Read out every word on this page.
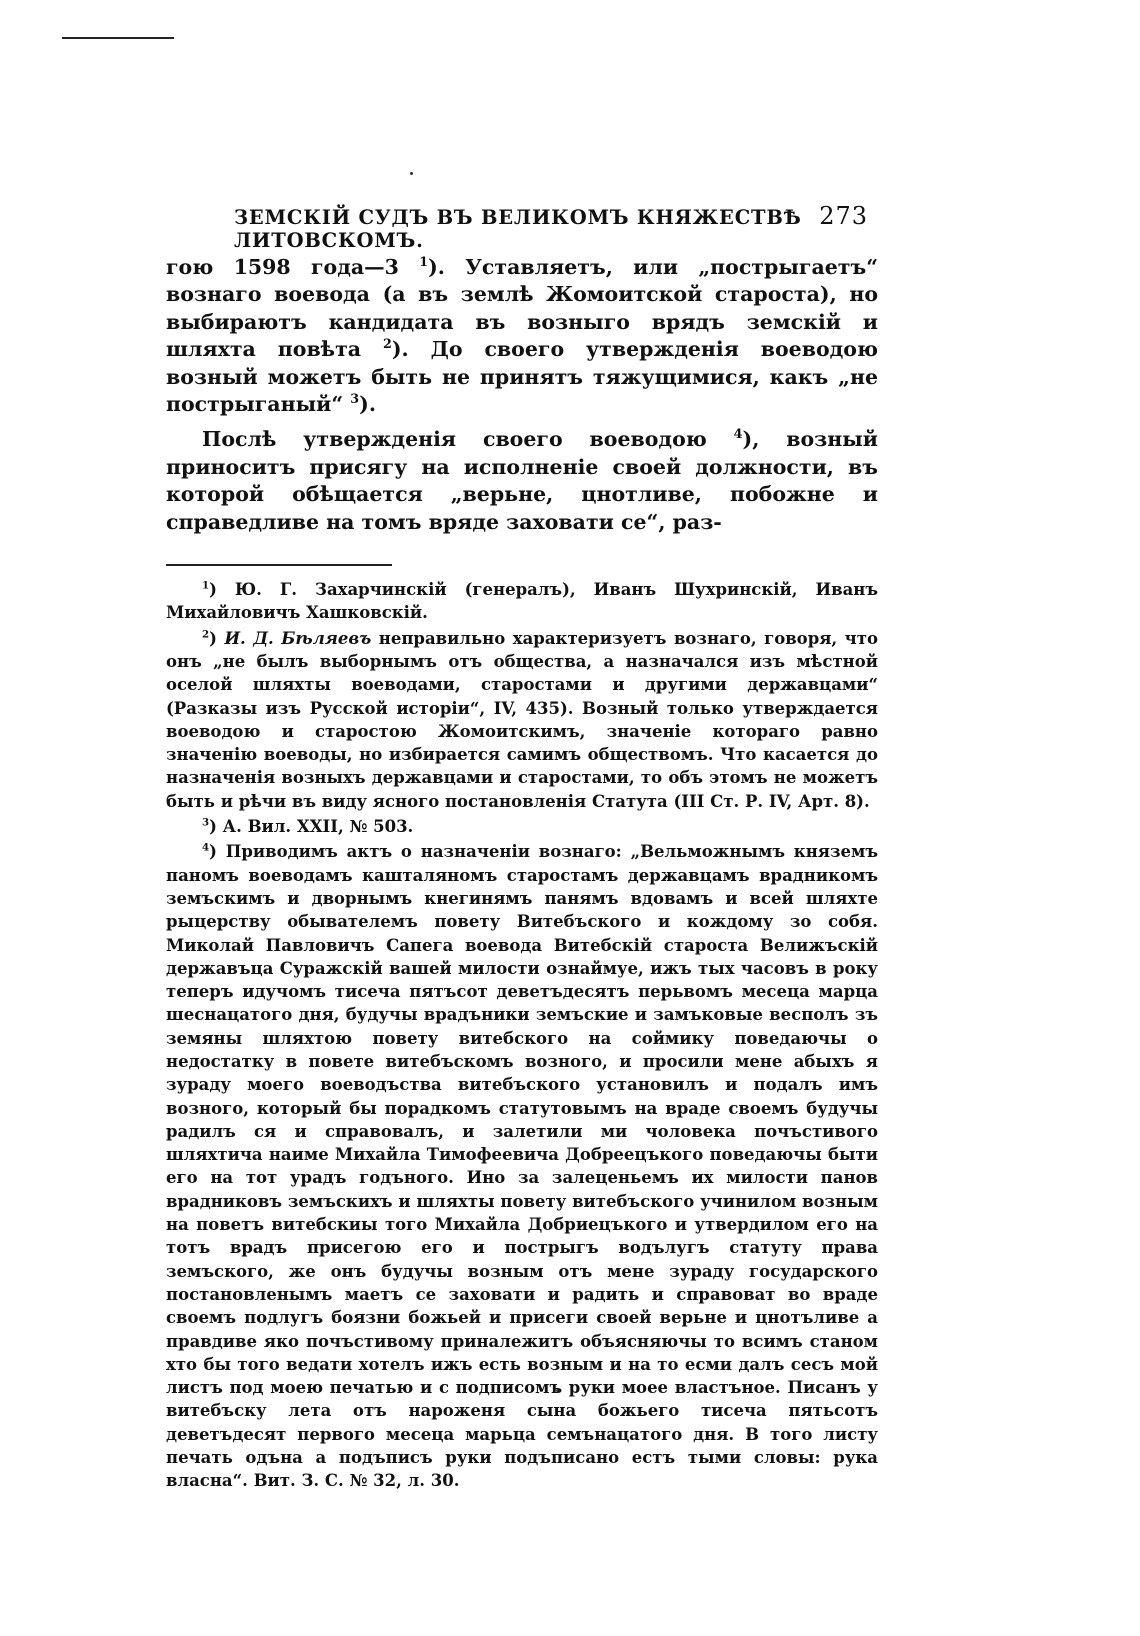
ЗЕМСКІЙ СУДЪ ВЪ ВЕЛИКОМЪ КНЯЖЕСТВѢ ЛИТОВСКОМЪ.
273

гою 1598 года—3 $^1$). Уставляетъ, или „пострыгаетъ“ вознаго воевода (а въ землѣ Жомоитской староста), но выбираютъ кандидата въ возныго врядъ земскій и шляхта повѣта $^2$). До своего утвержденія воеводою возный можетъ быть не принятъ тяжущимися, какъ „не пострыганый“ $^3$).

Послѣ утвержденія своего воеводою $^4$), возный приноситъ присягу на исполненіе своей должности, въ которой обѣщается „верьне, цнотливе, побожне и справедливе на томъ вряде заховати се“, раз-

$^1$) Ю. Г. Захарчинскій (генералъ), Иванъ Шухринскій, Иванъ Михайловичъ Хашковскій.

$^2$) И. Д. Бѣляевъ неправильно характеризуетъ вознаго, говоря, что онъ „не былъ выборнымъ отъ общества, а назначался изъ мѣстной оселой шляхты воеводами, старостами и другими державцами“ (Разказы изъ Русской исторіи“, IV, 435). Возный только утверждается воеводою и старостою Жомоитскимъ, значеніе котораго равно значенію воеводы, но избирается самимъ обществомъ. Что касается до назначенія возныхъ державцами и старостами, то объ этомъ не можетъ быть и рѣчи въ виду ясного постановленія Статута (III Ст. Р. IV, Арт. 8).

$^3$) А. Вил. XXII, № 503.

$^4$) Приводимъ актъ о назначеніи вознаго: „Вельможнымъ княземъ паномъ воеводамъ кашталяномъ старостамъ державцамъ врадникомъ земъскимъ и дворнымъ кнегинямъ панямъ вдовамъ и всей шляхте рыцерству обывателемъ повету Витебъского и кождому зо собя. Миколай Павловичъ Сапега воевода Витебскій староста Велижъскій державъца Суражскій вашей милости ознаймуе, ижъ тых часовъ в року теперъ идучомъ тисеча пятъсот деветъдесятъ перьвомъ месеца марца шеснацатого дня, будучы врадъники земъские и замъковые весполъ зъ земяны шляхтою повету витебского на соймику поведаючы о недостатку в повете витебъскомъ возного, и просили мене абыхъ я зураду моего воеводъства витебъского установилъ и подалъ имъ возного, который бы порадкомъ статутовымъ на враде своемъ будучы радилъ ся и справовалъ, и залетили ми чоловека почъстивого шляхтича наиме Михайла Тимофеевича Добреецъкого поведаючы быти его на тот урадъ годъного. Ино за залеценьемъ их милости панов врадниковъ земъскихъ и шляхты повету витебъского учинилом возным на поветъ витебскиы того Михайла Добриецъкого и утвердилом его на тотъ врадъ присегою его и пострыгъ водълугъ статуту права земъского, же онъ будучы возным отъ мене зураду государского постановленымъ маетъ се заховати и радить и справоват во враде своемъ подлугъ боязни божьей и присеги своей верьне и цнотъливе а правдиве яко почъстивому приналежитъ объясняючы то всимъ станом хто бы того ведати хотелъ ижъ есть возным и на то есми далъ сесъ мой листъ под моею печатью и с подписомъ руки моее властъное. Писанъ у витебъску лета отъ нароженя сына божьего тисеча пятьсотъ деветъдесят первого месеца марьца семънацатого дня. В того листу печать одъна а подъписъ руки подъписано естъ тыми словы: рука власна“. Вит. З. С. № 32, л. 30.
